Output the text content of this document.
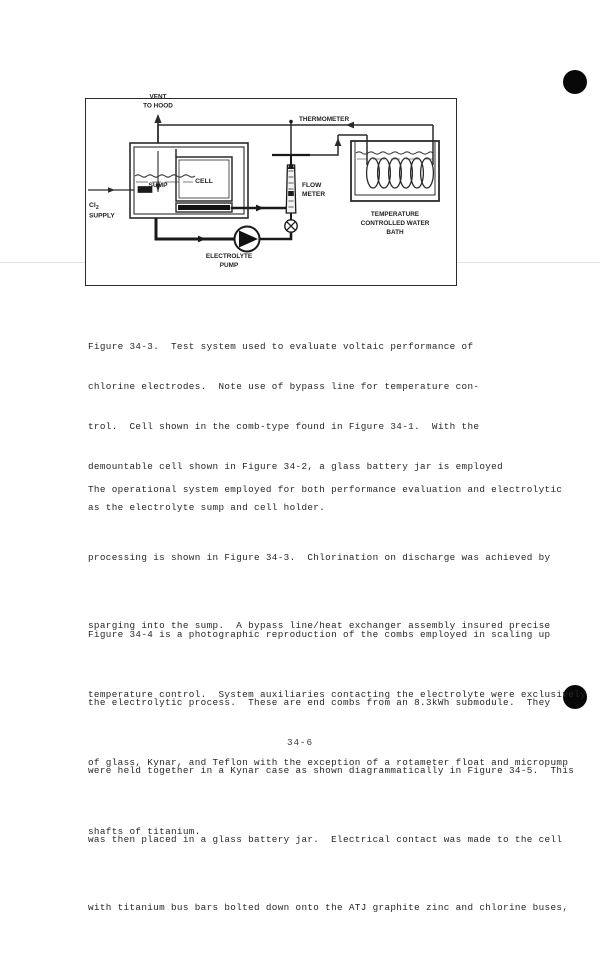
VENT
TO HOOD
SUMP
CELL
$Cl_2$
SUPPLY
ELECTROLYTE
PUMP
THERMOMETER
FLOW
METER
TEMPERATURE
CONTROLLED WATER
BATH

Figure 34-3.  Test system used to evaluate voltaic performance of

chlorine electrodes.  Note use of bypass line for temperature con-

trol.  Cell shown in the comb-type found in Figure 34-1.  With the

demountable cell shown in Figure 34-2, a glass battery jar is employed

as the electrolyte sump and cell holder.

The operational system employed for both performance evaluation and electrolytic

processing is shown in Figure 34-3.  Chlorination on discharge was achieved by

sparging into the sump.  A bypass line/heat exchanger assembly insured precise

temperature control.  System auxiliaries contacting the electrolyte were exclusively

of glass, Kynar, and Teflon with the exception of a rotameter float and micropump

shafts of titanium.

Figure 34-4 is a photographic reproduction of the combs employed in scaling up

the electrolytic process.  These are end combs from an 8.3kWh submodule.  They

were held together in a Kynar case as shown diagrammatically in Figure 34-5.  This

was then placed in a glass battery jar.  Electrical contact was made to the cell

with titanium bus bars bolted down onto the ATJ graphite zinc and chlorine buses,

34-6
